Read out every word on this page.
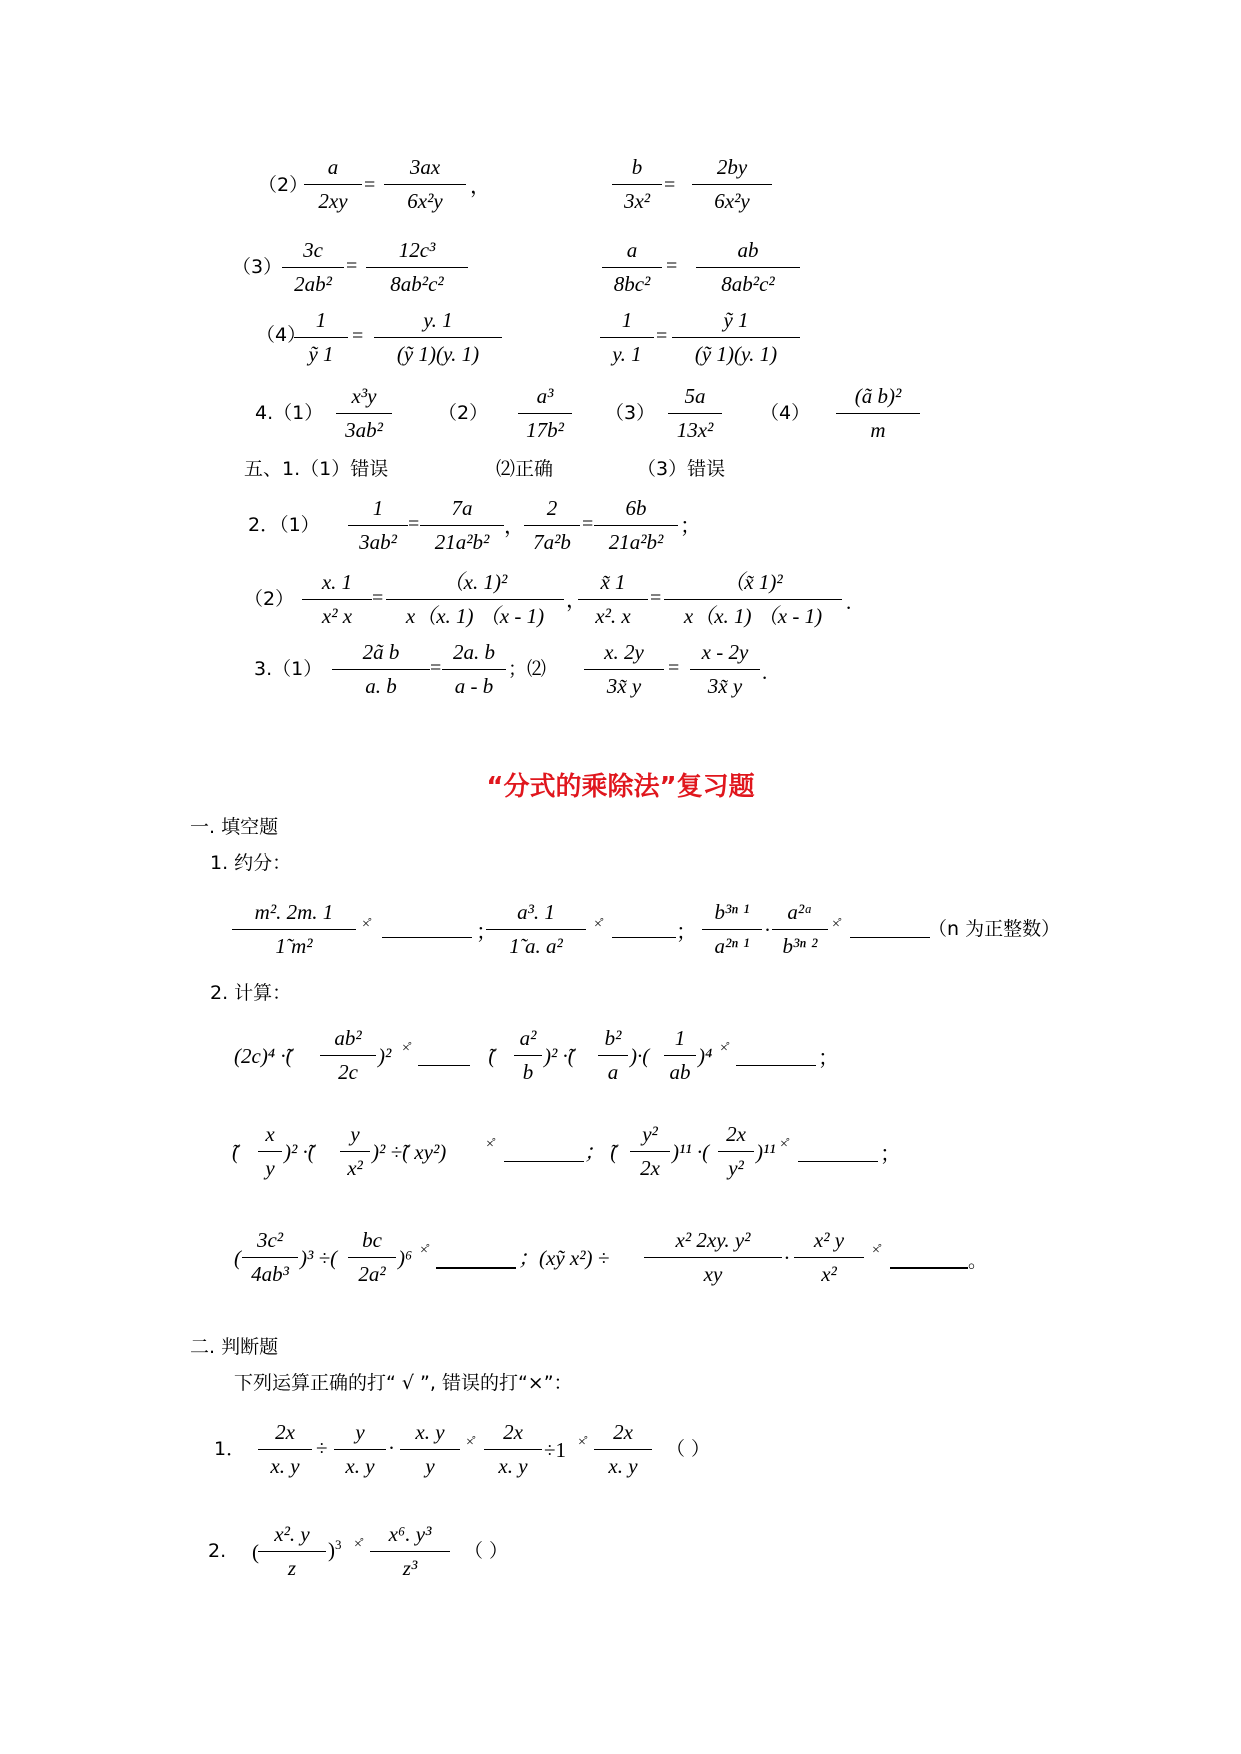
（2）
a
2xy
=
3ax
6x²y
，
b
3x²
=
2by
6x²y
（3）
3c
2ab²
=
12c³
8ab²c²
a
8bc²
=
ab
8ab²c²
（4）
1
ỹ 1
=
y. 1
(ỹ 1)(y. 1)
1
y. 1
=
ỹ 1
(ỹ 1)(y. 1)
4.（1）
x³y
3ab²
（2）
a³
17b²
（3）
5a
13x²
（4）
(ã b)²
m
五、1.（1）错误	⑵正确	（3）错误
2．（1）
1
3ab²
=
7a
21a²b²
，
2
7a²b
=
6b
21a²b²
；
（2）
x. 1
x² x
=
（x. 1)²
x（x. 1) （x - 1)
，
x̃ 1
x². x
=
（x̃ 1)²
x（x. 1) （x - 1)
.
3.（1）
2ã b
a. b
=
2a. b
a - b
；⑵
x. 2y
3x̃ y
=
x - 2y
3x̃ y
.
“分式的乘除法”复习题
一. 填空题
1. 约分：
m². 2m. 1
1̃ m²
×̊	；
a³. 1
1̃ a. a²
×̊	；
b³ⁿ ¹
a²ⁿ ¹
·
a²ᵃ
b³ⁿ ²
×̊	（n 为正整数）
2. 计算：
(2c)⁴ ·̃(
ab²
2c
)² ×̊	；̃(
a²
b
)² ·̃(
b²
a
)·(
1
ab
)⁴ ×̊	；
̃(
x
y
)² ·̃(
y
x²
)² ÷̃( xy²)	×̊	； ̃(
y²
2x
)¹¹ ·(
2x
y²
)¹¹ ×̊	；
(
3c²
4ab³
)³ ÷(
bc
2a²
)⁶ ×̊	；(xỹ x²) ÷
x² 2xy. y²
xy
·
x² y
x²
×̊	。
二. 判断题
下列运算正确的打“ √ ”, 错误的打“×”：
1．
2x
x. y
÷
y
x. y
·
x. y
y
×̊	2x
x. y
÷1 ×̊	2x
x. y
（ ）
2. (
x². y
z
)$^3$ ×̊	x⁶. y³
z³
（ ）
